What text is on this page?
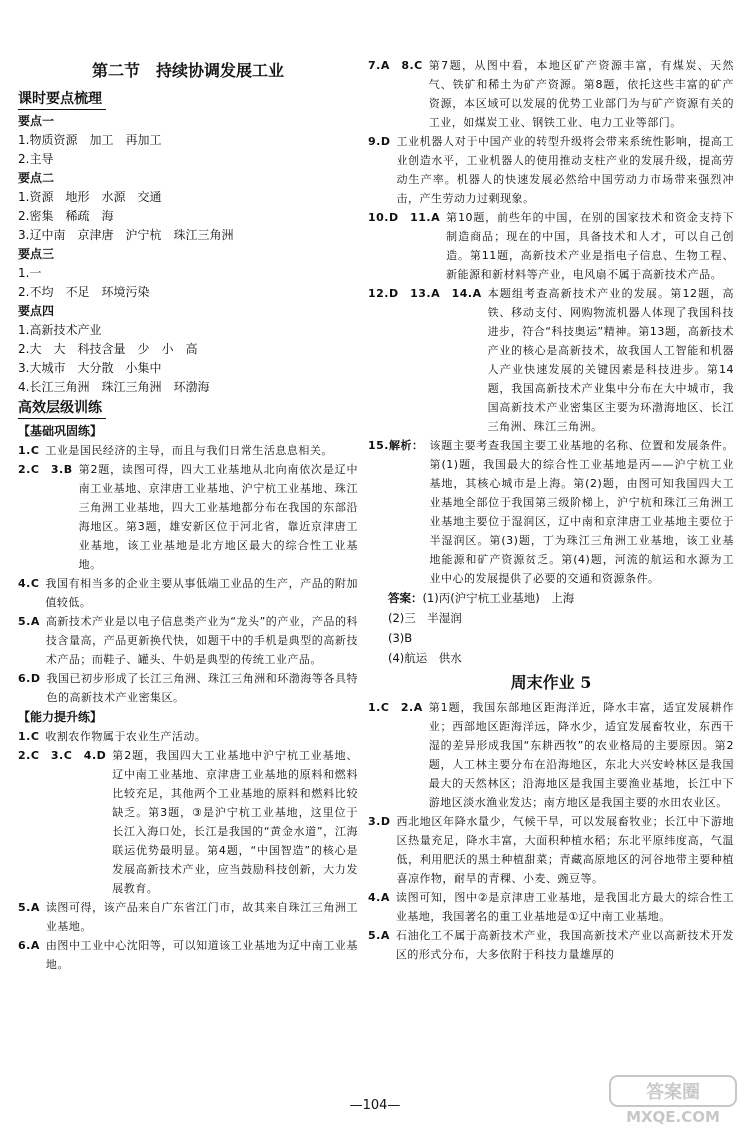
第二节　持续协调发展工业
课时要点梳理
要点一
1.物质资源　加工　再加工
2.主导
要点二
1.资源　地形　水源　交通
2.密集　稀疏　海
3.辽中南　京津唐　沪宁杭　珠江三角洲
要点三
1.一
2.不均　不足　环境污染
要点四
1.高新技术产业
2.大　大　科技含量　少　小　高
3.大城市　大分散　小集中
4.长江三角洲　珠江三角洲　环渤海
高效层级训练
【基础巩固练】
1.C 工业是国民经济的主导，而且与我们日常生活息息相关。
2.C　3.B 第2题，读图可得，四大工业基地从北向南依次是辽中南工业基地、京津唐工业基地、沪宁杭工业基地、珠江三角洲工业基地，四大工业基地都分布在我国的东部沿海地区。第3题，雄安新区位于河北省，靠近京津唐工业基地，该工业基地是北方地区最大的综合性工业基地。
4.C 我国有相当多的企业主要从事低端工业品的生产，产品的附加值较低。
5.A 高新技术产业是以电子信息类产业为“龙头”的产业，产品的科技含量高，产品更新换代快，如题干中的手机是典型的高新技术产品；而鞋子、罐头、牛奶是典型的传统工业产品。
6.D 我国已初步形成了长江三角洲、珠江三角洲和环渤海等各具特色的高新技术产业密集区。
【能力提升练】
1.C 收割农作物属于农业生产活动。
2.C　3.C　4.D 第2题，我国四大工业基地中沪宁杭工业基地、辽中南工业基地、京津唐工业基地的原料和燃料比较充足，其他两个工业基地的原料和燃料比较缺乏。第3题，③是沪宁杭工业基地，这里位于长江入海口处，长江是我国的“黄金水道”，江海联运优势最明显。第4题，“中国智造”的核心是发展高新技术产业，应当鼓励科技创新，大力发展教育。
5.A 读图可得，该产品来自广东省江门市，故其来自珠江三角洲工业基地。
6.A 由图中工业中心沈阳等，可以知道该工业基地为辽中南工业基地。
7.A　8.C 第7题，从图中看，本地区矿产资源丰富，有煤炭、天然气、铁矿和稀土为矿产资源。第8题，依托这些丰富的矿产资源，本区域可以发展的优势工业部门为与矿产资源有关的工业，如煤炭工业、钢铁工业、电力工业等部门。
9.D 工业机器人对于中国产业的转型升级将会带来系统性影响，提高工业创造水平，工业机器人的使用推动支柱产业的发展升级，提高劳动生产率。机器人的快速发展必然给中国劳动力市场带来强烈冲击，产生劳动力过剩现象。
10.D　11.A 第10题，前些年的中国，在别的国家技术和资金支持下制造商品；现在的中国，具备技术和人才，可以自己创造。第11题，高新技术产业是指电子信息、生物工程、新能源和新材料等产业，电风扇不属于高新技术产品。
12.D　13.A　14.A 本题组考查高新技术产业的发展。第12题，高铁、移动支付、网购物流机器人体现了我国科技进步，符合“科技奥运”精神。第13题，高新技术产业的核心是高新技术，故我国人工智能和机器人产业快速发展的关键因素是科技进步。第14题，我国高新技术产业集中分布在大中城市，我国高新技术产业密集区主要为环渤海地区、长江三角洲、珠江三角洲。
15.解析： 该题主要考查我国主要工业基地的名称、位置和发展条件。第(1)题，我国最大的综合性工业基地是丙——沪宁杭工业基地，其核心城市是上海。第(2)题，由图可知我国四大工业基地全部位于我国第三级阶梯上，沪宁杭和珠江三角洲工业基地主要位于湿润区，辽中南和京津唐工业基地主要位于半湿润区。第(3)题，丁为珠江三角洲工业基地，该工业基地能源和矿产资源贫乏。第(4)题，河流的航运和水源为工业中心的发展提供了必要的交通和资源条件。
答案：(1)丙(沪宁杭工业基地)　上海
(2)三　半湿润
(3)B
(4)航运　供水
周末作业 5
1.C　2.A 第1题，我国东部地区距海洋近，降水丰富，适宜发展耕作业；西部地区距海洋远，降水少，适宜发展畜牧业，东西干湿的差异形成我国“东耕西牧”的农业格局的主要原因。第2题，人工林主要分布在沿海地区，东北大兴安岭林区是我国最大的天然林区；沿海地区是我国主要渔业基地，长江中下游地区淡水渔业发达；南方地区是我国主要的水田农业区。
3.D 西北地区年降水量少，气候干旱，可以发展畜牧业；长江中下游地区热量充足，降水丰富，大面积种植水稻；东北平原纬度高，气温低，利用肥沃的黑土种植甜菜；青藏高原地区的河谷地带主要种植喜凉作物，耐旱的青稞、小麦、豌豆等。
4.A 读图可知，图中②是京津唐工业基地，是我国北方最大的综合性工业基地，我国著名的重工业基地是①辽中南工业基地。
5.A 石油化工不属于高新技术产业，我国高新技术产业以高新技术开发区的形式分布，大多依附于科技力量雄厚的
—104—
答案圈
MXQE.COM
